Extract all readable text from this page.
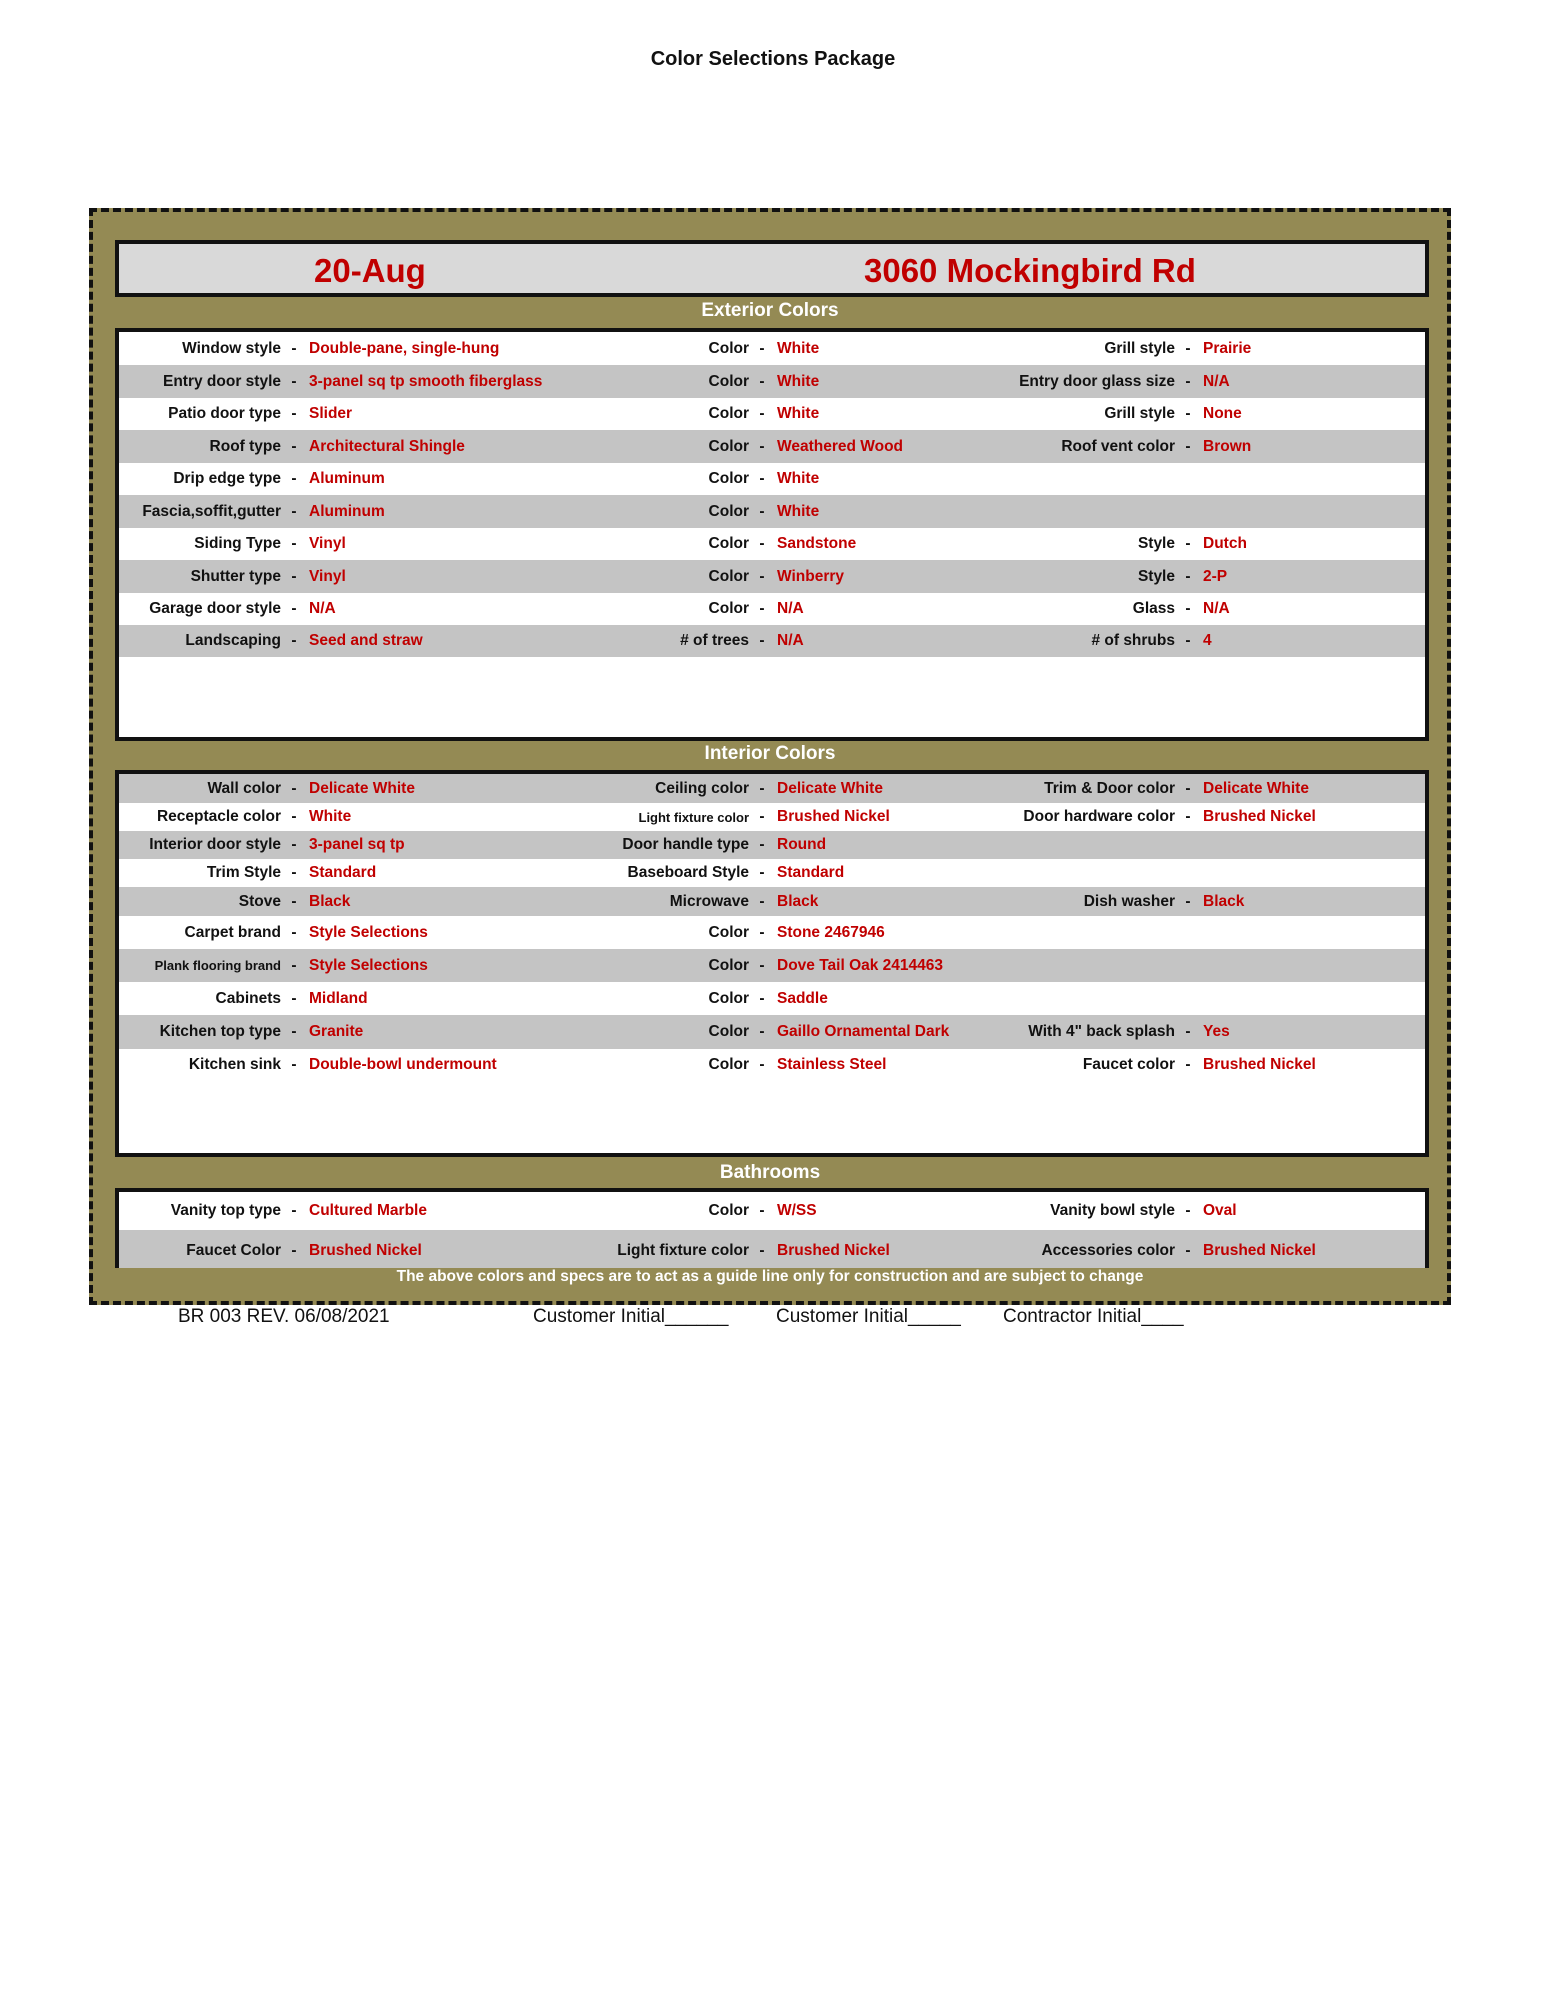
Color Selections Package
20-Aug	3060 Mockingbird Rd
Exterior Colors
Window style - Double-pane, single-hung	Color - White	Grill style - Prairie
Entry door style - 3-panel sq tp smooth fiberglass	Color - White	Entry door glass size - N/A
Patio door type - Slider	Color - White	Grill style - None
Roof type - Architectural Shingle	Color - Weathered Wood	Roof vent color - Brown
Drip edge type - Aluminum	Color - White
Fascia,soffit,gutter - Aluminum	Color - White
Siding Type - Vinyl	Color - Sandstone	Style - Dutch
Shutter type - Vinyl	Color - Winberry	Style - 2-P
Garage door style - N/A	Color - N/A	Glass - N/A
Landscaping - Seed and straw	# of trees - N/A	# of shrubs - 4
Interior Colors
Wall color - Delicate White	Ceiling color - Delicate White	Trim & Door color - Delicate White
Receptacle color - White	Light fixture color - Brushed Nickel	Door hardware color - Brushed Nickel
Interior door style - 3-panel sq tp	Door handle type - Round
Trim Style - Standard	Baseboard Style - Standard
Stove - Black	Microwave - Black	Dish washer - Black
Carpet brand - Style Selections	Color - Stone 2467946
Plank flooring brand - Style Selections	Color - Dove Tail Oak 2414463
Cabinets - Midland	Color - Saddle
Kitchen top type - Granite	Color - Gaillo Ornamental Dark	With 4" back splash - Yes
Kitchen sink - Double-bowl undermount	Color - Stainless Steel	Faucet color - Brushed Nickel
Bathrooms
Vanity top type - Cultured Marble	Color - W/SS	Vanity bowl style - Oval
Faucet Color - Brushed Nickel	Light fixture color - Brushed Nickel	Accessories color - Brushed Nickel
The above colors and specs are to act as a guide line only for construction and are subject to change
BR 003 REV. 06/08/2021	Customer Initial______	Customer Initial_____ Contractor Initial____
